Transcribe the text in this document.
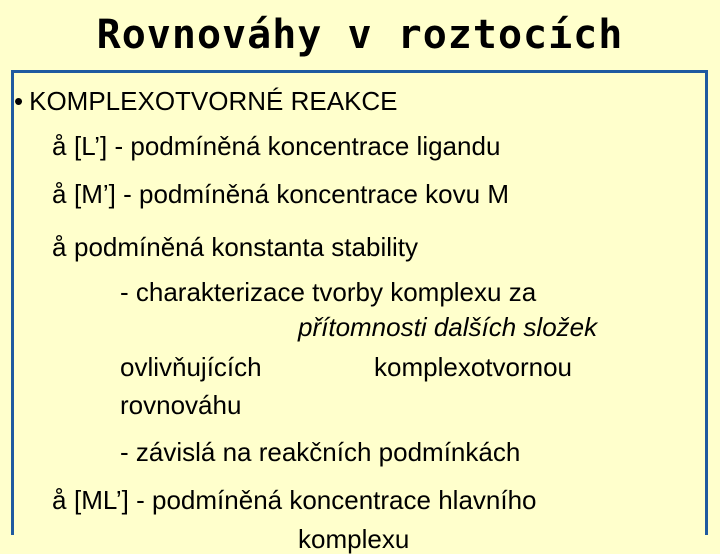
Rovnováhy v roztocích
• KOMPLEXOTVORNÉ REAKCE
å [L’] - podmíněná koncentrace ligandu
å [M’] - podmíněná koncentrace kovu M
å podmíněná konstanta stability
- charakterizace tvorby komplexu za
přítomnosti dalších složek
ovlivňujících	komplexotvornou
rovnováhu
- závislá na reakčních podmínkách
å [ML’] - podmíněná koncentrace hlavního
komplexu
